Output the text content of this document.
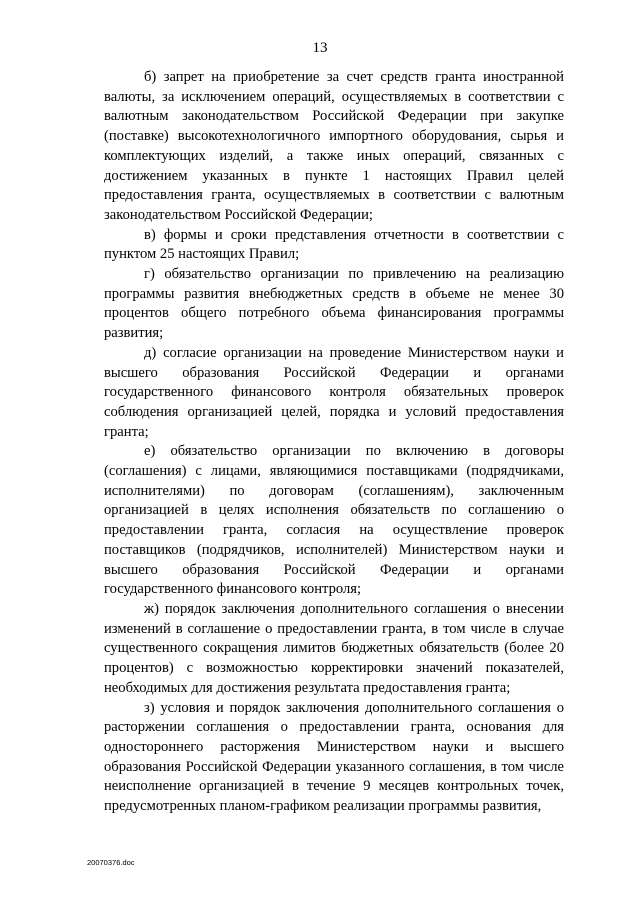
13

б) запрет на приобретение за счет средств гранта иностранной валюты, за исключением операций, осуществляемых в соответствии с валютным законодательством Российской Федерации при закупке (поставке) высокотехнологичного импортного оборудования, сырья и комплектующих изделий, а также иных операций, связанных с достижением указанных в пункте 1 настоящих Правил целей предоставления гранта, осуществляемых в соответствии с валютным законодательством Российской Федерации;

в) формы и сроки представления отчетности в соответствии с пунктом 25 настоящих Правил;

г) обязательство организации по привлечению на реализацию программы развития внебюджетных средств в объеме не менее 30 процентов общего потребного объема финансирования программы развития;

д) согласие организации на проведение Министерством науки и высшего образования Российской Федерации и органами государственного финансового контроля обязательных проверок соблюдения организацией целей, порядка и условий предоставления гранта;

е) обязательство организации по включению в договоры (соглашения) с лицами, являющимися поставщиками (подрядчиками, исполнителями) по договорам (соглашениям), заключенным организацией в целях исполнения обязательств по соглашению о предоставлении гранта, согласия на осуществление проверок поставщиков (подрядчиков, исполнителей) Министерством науки и высшего образования Российской Федерации и органами государственного финансового контроля;

ж) порядок заключения дополнительного соглашения о внесении изменений в соглашение о предоставлении гранта, в том числе в случае существенного сокращения лимитов бюджетных обязательств (более 20 процентов) с возможностью корректировки значений показателей, необходимых для достижения результата предоставления гранта;

з) условия и порядок заключения дополнительного соглашения о расторжении соглашения о предоставлении гранта, основания для одностороннего расторжения Министерством науки и высшего образования Российской Федерации указанного соглашения, в том числе неисполнение организацией в течение 9 месяцев контрольных точек, предусмотренных планом-графиком реализации программы развития,

20070376.doc
